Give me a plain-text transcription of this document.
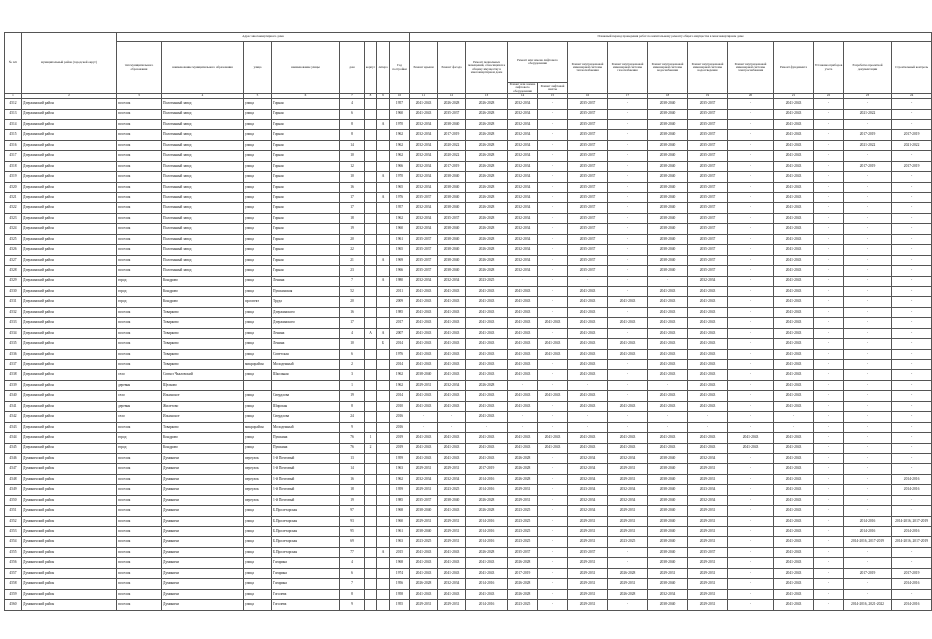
№ п/п	муниципальный район (городской округ)	Адрес многоквартирного дома								Плановый период проведения работ по капитальному ремонту общего имущества в многоквартирном доме													
		тип муниципального образования	наименование муниципального образования	улица	наименование улицы	дом	корпус	литера	Год постройки	Ремонт крыши	Ремонт фасада	Ремонт подвальных помещений, относящихся к общему имуществу в многоквартирном доме	Ремонт или замена лифтового оборудования		Ремонт внутридомовой инженерной системы теплоснабжения	Ремонт внутридомовой инженерной системы газоснабжения	Ремонт внутридомовой инженерной системы водоснабжения	Ремонт внутридомовой инженерной системы водоотведения	Ремонт внутридомовой инженерной системы электроснабжения	Ремонт фундамента	Установка приборов учета	Разработка проектной документации	Строительный контроль
													Ремонт или замена лифтового оборудования	Ремонт лифтовой шахты									
1	2	3	4	5	6	7	8	9	10	11	12	13	14	15	16	17	18	19	20	21	22	23	24
4512	Дзержинский район	поселок	Полотняный завод	улица	Горная	4			1957	2041-2043	2026-2028	2026-2028	2032-2034	-	2035-2037	-	2038-2040	2035-2037	-	2041-2043	-	-	-
4513	Дзержинский район	поселок	Полотняный завод	улица	Горная	6			1960	2041-2043	2035-2037	2026-2028	2032-2034	-	2035-2037	-	2038-2040	2035-2037	-	2041-2043	-	2021-2022	-
4514	Дзержинский район	поселок	Полотняный завод	улица	Горная	8		А	1970	2032-2034	2038-2040	2026-2028	2032-2034	-	2035-2037	-	2038-2040	2035-2037	-	2041-2043	-	-	-
4515	Дзержинский район	поселок	Полотняный завод	улица	Горная	8			1962	2032-2034	2017-2019	2026-2028	2032-2034	-	2035-2037	-	2038-2040	2035-2037	-	2041-2043	-	2017-2019	2017-2019
4516	Дзержинский район	поселок	Полотняный завод	улица	Горная	14			1962	2032-2034	2020-2022	2026-2028	2032-2034	-	2035-2037	-	2038-2040	2035-2037	-	2041-2043	-	2021-2022	2021-2022
4517	Дзержинский район	поселок	Полотняный завод	улица	Горная	10			1962	2032-2034	2020-2022	2026-2028	2032-2034	-	2035-2037	-	2038-2040	2035-2037	-	2041-2043	-	-	-
4518	Дзержинский район	поселок	Полотняный завод	улица	Горная	12			1966	2032-2034	2017-2019	2026-2028	2032-2034	-	2035-2037	-	2038-2040	2035-2037	-	2041-2043	-	2017-2019	2017-2019
4519	Дзержинский район	поселок	Полотняный завод	улица	Горная	10		А	1970	2032-2034	2038-2040	2026-2028	2032-2034	-	2035-2037	-	2038-2040	2035-2037	-	2041-2043	-	-	-
4520	Дзержинский район	поселок	Полотняный завод	улица	Горная	16			1965	2032-2034	2038-2040	2026-2028	2032-2034	-	2035-2037	-	2038-2040	2035-2037	-	2041-2043	-	-	-
4521	Дзержинский район	поселок	Полотняный завод	улица	Горная	17		А	1976	2035-2037	2038-2040	2026-2028	2032-2034	-	2035-2037	-	2038-2040	2035-2037	-	2041-2043	-	-	-
4522	Дзержинский район	поселок	Полотняный завод	улица	Горная	17			1957	2032-2034	2038-2040	2026-2028	2032-2034	-	2035-2037	-	2038-2040	2035-2037	-	2041-2043	-	-	-
4523	Дзержинский район	поселок	Полотняный завод	улица	Горная	18			1962	2032-2034	2035-2037	2026-2028	2032-2034	-	2035-2037	-	2038-2040	2035-2037	-	2041-2043	-	-	-
4524	Дзержинский район	поселок	Полотняный завод	улица	Горная	19			1960	2032-2034	2038-2040	2026-2028	2032-2034	-	2035-2037	-	2038-2040	2035-2037	-	2041-2043	-	-	-
4525	Дзержинский район	поселок	Полотняный завод	улица	Горная	20			1961	2035-2037	2038-2040	2026-2028	2032-2034	-	2035-2037	-	2038-2040	2035-2037	-	2041-2043	-	-	-
4526	Дзержинский район	поселок	Полотняный завод	улица	Горная	22			1965	2035-2037	2038-2040	2026-2028	2032-2034	-	2035-2037	-	2038-2040	2035-2037	-	2041-2043	-	-	-
4527	Дзержинский район	поселок	Полотняный завод	улица	Горная	21		А	1969	2035-2037	2038-2040	2026-2028	2032-2034	-	2035-2037	-	2038-2040	2035-2037	-	2041-2043	-	-	-
4528	Дзержинский район	поселок	Полотняный завод	улица	Горная	23			1966	2035-2037	2038-2040	2026-2028	2032-2034	-	2035-2037	-	2038-2040	2035-2037	-	2041-2043	-	-	-
4529	Дзержинский район	город	Кондрово	улица	Ленина	7		А	1980	2032-2034	2032-2034	2023-2025	-	-	-	-	-	2032-2034	-	2041-2043	-	-	-
4530	Дзержинский район	город	Кондрово	улица	Пушкинская	52			2011	2041-2043	2041-2043	2041-2043	2041-2043	-	2041-2043	-	2041-2043	2041-2043	-	2041-2043	-	-	-
4531	Дзержинский район	город	Кондрово	проспект	Труда	20			2009	2041-2043	2041-2043	2041-2043	2041-2043	-	2041-2043	2041-2043	2041-2043	2041-2043	-	2041-2043	-	-	-
4532	Дзержинский район	поселок	Товарково	улица	Дзержинского	16			1985	2041-2043	2041-2043	2041-2043	2041-2043	-	2041-2043	-	2041-2043	2041-2043	-	2041-2043	-	-	-
4533	Дзержинский район	поселок	Товарково	улица	Дзержинского	17			2017	2041-2043	2041-2043	2041-2043	2041-2043	2041-2043	2041-2043	2041-2043	2041-2043	2041-2043	-	2041-2043	-	-	-
4534	Дзержинский район	поселок	Товарково	улица	Ленина	4	А	А	2007	2041-2043	2041-2043	2041-2043	2041-2043	-	2041-2043	-	2041-2043	2041-2043	-	2041-2043	-	-	-
4535	Дзержинский район	поселок	Товарково	улица	Ленина	10		Б	2014	2041-2043	2041-2043	2041-2043	2041-2043	2041-2043	2041-2043	2041-2043	2041-2043	2041-2043	-	2041-2043	-	-	-
4536	Дзержинский район	поселок	Товарково	улица	Советская	6			1976	2041-2043	2041-2043	2041-2043	2041-2043	2041-2043	2041-2043	2041-2043	2041-2043	2041-2043	-	2041-2043	-	-	-
4537	Дзержинский район	поселок	Товарково	микрорайон	Молодежный	2			2014	2041-2043	2041-2043	2041-2043	2041-2043	-	2041-2043	-	2041-2043	2041-2043	-	2041-2043	-	-	-
4538	Дзержинский район	село	Совхоз Чкаловский	улица	Школьная	3			1962	2038-2040	2041-2043	2041-2043	2041-2043	-	2041-2043	-	2041-2043	2041-2043	-	2041-2043	-	-	-
4539	Дзержинский район	деревня	Щелково			1			1962	2029-2031	2032-2034	2026-2028	-	-	-	-	-	2041-2043	-	2041-2043	-	-	-
4540	Дзержинский район	село	Ильинское	улица	Свердлова	19			2014	2041-2043	2041-2043	2041-2043	2041-2043	2041-2043	2041-2043	-	2041-2043	2041-2043	-	2041-2043	-	-	-
4541	Дзержинский район	деревня	Жилетово	улица	Широкая	8			2010	2041-2043	2041-2043	2041-2043	2041-2043	-	2041-2043	2041-2043	2041-2043	2041-2043	-	2041-2043	-	-	-
4542	Дзержинский район	село	Ильинское	улица	Свердлова	24			2016	-	-	2041-2043	-	-	-	-	-	-	-	-	-	-	-
4543	Дзержинский район	поселок	Товарково	микрорайон	Молодежный	9			2016	-	-	-	-	-	-	-	-	-	-	-	-	-	-
4544	Дзержинский район	город	Кондрово	улица	Пушкина	76	1		2019	2041-2043	2041-2043	2041-2043	2041-2043	2041-2043	2041-2043	2041-2043	2041-2043	2041-2043	2041-2043	2041-2043	-	-	-
4545	Дзержинский район	город	Кондрово	улица	Пушкина	76	2		2019	2041-2043	2041-2043	2041-2043	2041-2043	2041-2043	2041-2043	2041-2043	2041-2043	2041-2043	2041-2043	2041-2043	-	-	-
4546	Думиничский район	поселок	Думиничи	переулок	1-й Почтовый	13			1959	2041-2043	2041-2043	2041-2043	2026-2028	-	2032-2034	2032-2034	2038-2040	2032-2034	-	2041-2043	-	-	-
4547	Думиничский район	поселок	Думиничи	переулок	1-й Почтовый	14			1963	2029-2031	2029-2031	2017-2019	2026-2028	-	2032-2034	2029-2031	2038-2040	2029-2031	-	2041-2043	-	-	-
4548	Думиничский район	поселок	Думиничи	переулок	1-й Почтовый	16			1962	2032-2034	2032-2034	2014-2016	2026-2028	-	2032-2034	2029-2031	2038-2040	2029-2031	-	2041-2043	-	-	2014-2016
4549	Думиничский район	поселок	Думиничи	переулок	1-й Почтовый	18			1959	2029-2031	2023-2025	2014-2016	2029-2031	-	2023-2034	2032-2034	2038-2040	2023-2034	-	2041-2043	-	-	2014-2016
4550	Думиничский район	поселок	Думиничи	переулок	1-й Почтовый	19			1985	2035-2037	2038-2040	2026-2028	2029-2031	-	2032-2034	2032-2034	2038-2040	2032-2034	-	2041-2043	-	-	-
4551	Думиничский район	поселок	Думиничи	улица	Б.Пролетарская	97			1968	2038-2040	2041-2043	2026-2028	2023-2025	-	2032-2034	2029-2031	2038-2040	2029-2031	-	2041-2043	-	-	-
4552	Думиничский район	поселок	Думиничи	улица	Б.Пролетарская	93			1960	2029-2031	2029-2031	2014-2016	2023-2025	-	2029-2031	2029-2031	2038-2040	2029-2031	-	2041-2043	-	2014-2016	2014-2016, 2017-2019
4553	Думиничский район	поселок	Думиничи	улица	Б.Пролетарская	95			1961	2038-2040	2029-2031	2014-2016	2023-2025	-	2029-2031	2029-2031	2038-2040	2029-2031	-	2041-2043	-	2014-2016	2014-2016
4554	Думиничский район	поселок	Думиничи	улица	Б.Пролетарская	69			1963	2023-2025	2029-2031	2014-2016	2023-2025	-	2029-2031	2023-2025	2038-2040	2029-2031	-	2041-2043	-	2014-2016, 2017-2019	2014-2016, 2017-2019
4555	Думиничский район	поселок	Думиничи	улица	Б.Пролетарская	77		А	2015	2041-2043	2041-2043	2026-2028	2035-2037	-	2035-2037	-	2038-2040	2035-2037	-	2041-2043	-	-	-
4556	Думиничский район	поселок	Думиничи	улица	Гагарина	4			1968	2041-2043	2041-2043	2041-2043	2026-2028	-	2029-2031	-	2038-2040	2029-2031	-	2041-2043	-	-	-
4557	Думиничский район	поселок	Думиничи	улица	Гагарина	6			1974	2041-2043	2041-2043	2041-2043	2017-2019	-	2029-2031	2026-2028	2029-2031	2029-2031	-	2041-2043	-	2017-2019	2017-2019
4558	Думиничский район	поселок	Думиничи	улица	Гагарина	7			1956	2026-2028	2032-2034	2014-2016	2026-2028	-	2029-2031	2029-2031	2038-2040	2029-2031	-	2041-2043	-	-	2014-2016
4559	Думиничский район	поселок	Думиничи	улица	Гоголева	8			1958	2041-2043	2041-2043	2041-2043	2026-2028	-	2029-2031	2026-2028	2032-2034	2029-2031	-	2041-2043	-	-	-
4560	Думиничский район	поселок	Думиничи	улица	Гоголева	9			1955	2029-2031	2029-2031	2014-2016	2023-2025	-	2029-2031	-	2038-2040	2029-2031	-	2041-2043	-	2014-2016, 2021-2022	2014-2016
